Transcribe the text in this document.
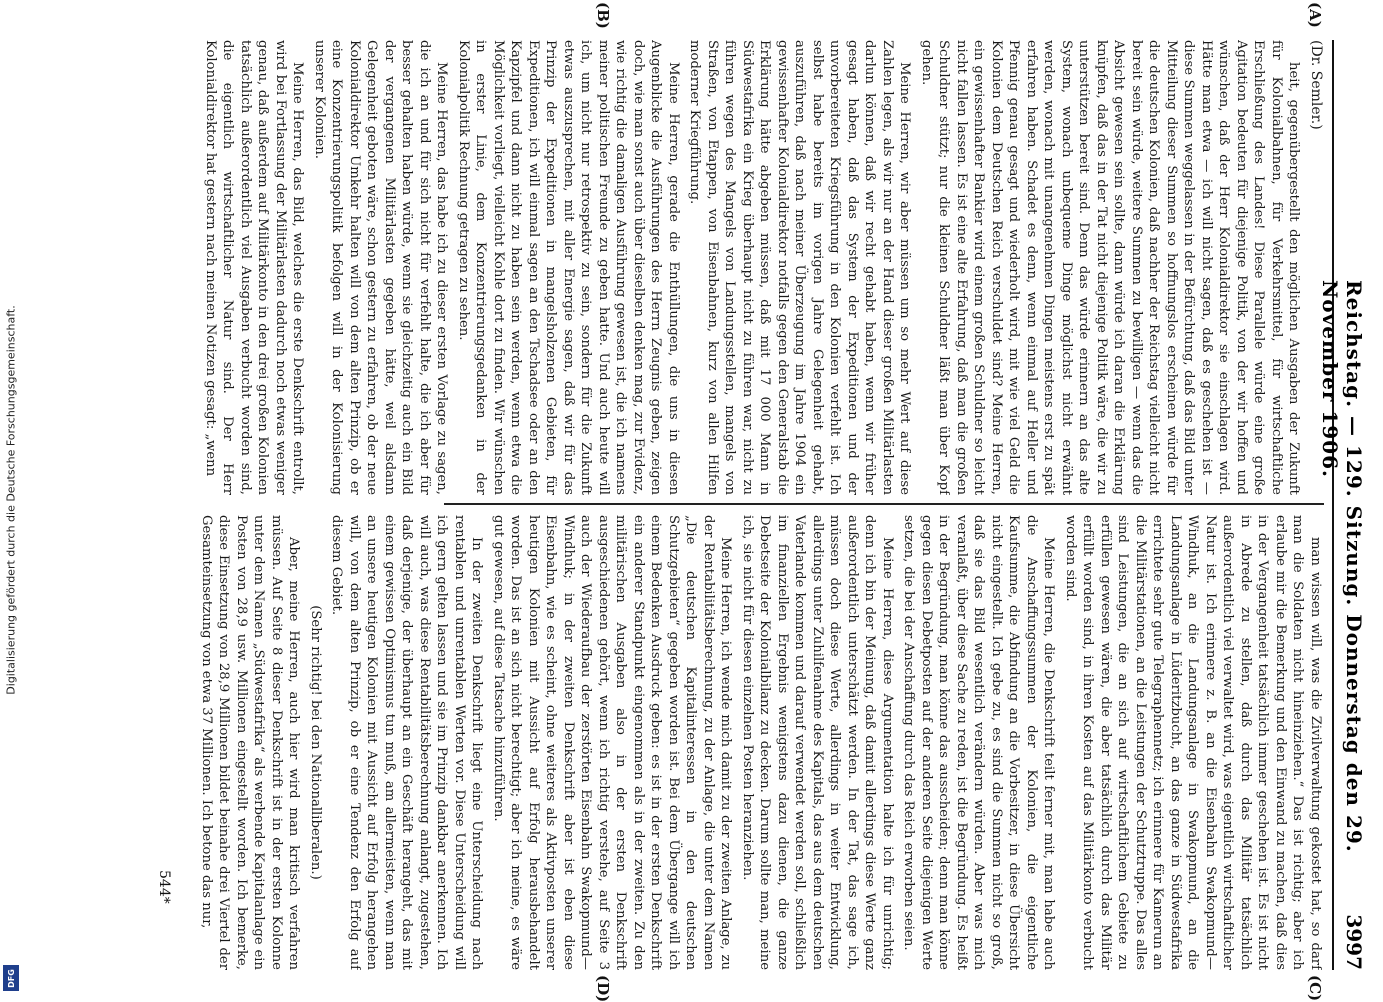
Digitalisierung gefördert durch die Deutsche Forschungsgemeinschaft.
DFG
Reichstag. — 129. Sitzung. Donnerstag den 29. November 1906.
3997
(A)
(B)
(C)
(D)
(Dr. Semler.)

heit, gegenübergestellt den möglichen Ausgaben der Zukunft für Kolonialbahnen, für Verkehrsmittel, für wirtschaftliche Erschließung des Landes! Diese Parallele würde eine große Agitation bedeuten für diejenige Politik, von der wir hoffen und wünschen, daß der Herr Kolonialdirektor sie einschlagen wird. Hätte man etwa — ich will nicht sagen, daß es geschehen ist — diese Summen weggelassen in der Befürchtung, daß das Bild unter Mitteilung dieser Summen so hoffnungslos erscheinen würde für die deutschen Kolonien, daß nachher der Reichstag vielleicht nicht bereit sein würde, weitere Summen zu bewilligen — wenn das die Absicht gewesen sein sollte, dann würde ich daran die Erklärung knüpfen, daß das in der Tat nicht diejenige Politik wäre, die wir zu unterstützen bereit sind. Denn das würde erinnern an das alte System, wonach unbequeme Dinge möglichst nicht erwähnt werden, wonach mit unangenehmen Dingen meistens erst zu spät erfahren haben. Schadet es denn, wenn einmal auf Heller und Pfennig genau gesagt und wiederholt wird, mit wie viel Geld die Kolonien dem Deutschen Reich verschuldet sind? Meine Herren, ein gewissenhafter Bankier wird einem großen Schuldner so leicht nicht fallen lassen. Es ist eine alte Erfahrung, daß man die großen Schuldner stützt; nur die kleinen Schuldner läßt man über Kopf gehen.

Meine Herren, wir aber müssen um so mehr Wert auf diese Zahlen legen, als wir nur an der Hand dieser großen Militärlasten darlun können, daß wir recht gehabt haben, wenn wir früher gesagt haben, daß das System der Expeditionen und der unvorbereiteten Kriegsführung in den Kolonien verfehlt ist. Ich selbst habe bereits im vorigen Jahre Gelegenheit gehabt, auszuführen, daß nach meiner Überzeugung im Jahre 1904 ein gewissenhafter Kolonialdirektor notfalls gegen den Generalstab die Erklärung hätte abgeben müssen, daß mit 17 000 Mann in Südwestafrika ein Krieg überhaupt nicht zu führen war, nicht zu führen wegen des Mangels von Landungsstellen, mangels von Straßen, von Etappen, von Eisenbahnen, kurz von allen Hilfen moderner Kriegführung.

Meine Herren, gerade die Enthüllungen, die uns in diesen Augenblicke die Ausführungen des Herrn Zeugnis geben, zeigen doch, wie man sonst auch über dieselben denken mag, zur Evidenz, wie richtig die damaligen Ausführung gewesen ist, die ich namens meiner politischen Freunde zu geben hatte. Und auch heute will ich, um nicht nur retrospektiv zu sein, sondern für die Zukunft etwas auszusprechen, mit aller Energie sagen, daß wir für das Prinzip der Expeditionen in mangelsholzenen Gebieten, für Expeditionen, ich will einmal sagen an den Tschadsee oder an den Kapzipfel und dann nicht zu haben sein werden, wenn etwa die Möglichkeit vorliegt, vielleicht Kohle dort zu finden. Wir wünschen in erster Linie, dem Konzentrierungsgedanken in der Kolonialpolitik Rechnung getragen zu sehen.

Meine Herren, das habe ich zu dieser ersten Vorlage zu sagen, die ich an und für sich nicht für verfehlt halte, die ich aber für besser gehalten haben würde, wenn sie gleichzeitig auch ein Bild der vergangenen Militärlasten gegeben hätte, weil alsdann Gelegenheit geboten wäre, schon gestern zu erfahren, ob der neue Kolonialdirektor Umkehr halten will von dem alten Prinzip, ob er eine Konzentrierungspolitik befolgen will in der Kolonisierung unserer Kolonien.

Meine Herren, das Bild, welches die erste Denkschrift entrollt, wird bei Fortlassung der Militärlasten dadurch noch etwas weniger genau, daß außerdem auf Militärkonto in den drei großen Kolonien tatsächlich außerordentlich viel Ausgaben verbucht worden sind, die eigentlich wirtschaftlicher Natur sind. Der Herr Kolonialdirektor hat gestern nach meinen Notizen gesagt: „wenn

man wissen will, was die Zivilverwaltung gekostet hat, so darf man die Soldaten nicht hineinziehen.“ Das ist richtig; aber ich erlaube mir die Bemerkung und den Einwand zu machen, daß dies in der Vergangenheit tatsächlich immer geschehen ist. Es ist nicht in Abrede zu stellen, daß durch das Militär tatsächlich außerordentlich viel verwaltet wird, was eigentlich wirtschaftlicher Natur ist. Ich erinnere z. B. an die Eisenbahn Swakopmund—Windhuk, an die Landungsanlage in Swakopmund, an die Landungsanlage in Lüderitzbucht, an das ganze in Südwestafrika errichtete sehr gute Telegraphennetz; ich erinnere für Kamerun an die Militärstationen, an die Leistungen der Schutztruppe. Das alles sind Leistungen, die an sich auf wirtschaftlichem Gebiete zu erfüllen gewesen wären, die aber tatsächlich durch das Militär erfüllt worden sind, in ihren Kosten auf das Militärkonto verbucht worden sind.

Meine Herren, die Denkschrift teilt ferner mit, man habe auch die Anschaffungssummen der Kolonien, die eigentliche Kaufsumme, die Abfindung an die Vorbesitzer, in diese Übersicht nicht eingestellt. Ich gebe zu, es sind die Summen nicht so groß, daß sie das Bild wesentlich verändern würden. Aber was mich veranlaßt, über diese Sache zu reden, ist die Begründung. Es heißt in der Begründung, man könne das ausscheiden; denn man könne gegen diesen Debetposten auf der anderen Seite diejenigen Werte setzen, die bei der Anschaffung durch das Reich erworben seien.

Meine Herren, diese Argumentation halte ich für unrichtig; denn ich bin der Meinung, daß damit allerdings diese Werte ganz außerordentlich unterschätzt werden. In der Tat, das sage ich, müssen doch diese Werte, allerdings in weiter Entwicklung, allerdings unter Zuhilfenahme des Kapitals, das aus dem deutschen Vaterlande kommen und darauf verwendet werden soll, schließlich im finanziellen Ergebnis wenigstens dazu dienen, die ganze Debetseite der Kolonialbilanz zu decken. Darum sollte man, meine ich, sie nicht für diesen einzelnen Posten heranziehen.

Meine Herren, ich wende mich damit zu der zweiten Anlage, zu der Rentabilitätsberechnung, zu der Anlage, die unter dem Namen „Die deutschen Kapitalinteressen in den deutschen Schutzgebieten“ gegeben worden ist. Bei dem Übergange will ich einem Bedenken Ausdruck geben: es ist in der ersten Denkschrift ein anderer Standpunkt eingenommen als in der zweiten. Zu den militärischen Ausgaben also in der ersten Denkschrift ausgeschiedenen gehört, wenn ich richtig verstehe, auf Seite 3 auch der Wiederaufbau der zerstörten Eisenbahn Swakopmund—Windhuk; in der zweiten Denkschrift aber ist eben diese Eisenbahn, wie es scheint, ohne weiteres als Aktivposten unserer heutigen Kolonien mit Aussicht auf Erfolg herausbehandelt worden. Das ist an sich nicht berechtigt; aber ich meine, es wäre gut gewesen, auf diese Tatsache hinzuführen.

In der zweiten Denkschrift liegt eine Unterscheidung nach rentablen und unrentablen Werten vor. Diese Unterscheidung will ich gern gelten lassen und sie im Prinzip dankbar anerkennen. Ich will auch, was diese Rentabilitätsberechnung anlangt, zugestehen, daß derjenige, der überhaupt an ein Geschäft herangeht, das mit einem gewissen Optimismus tun muß, am allermeisten, wenn man an unsere heutigen Kolonien mit Aussicht auf Erfolg herangehen will, von dem alten Prinzip, ob er eine Tendenz den Erfolg auf diesem Gebiet.

(Sehr richtig! bei den Nationalliberalen.)

Aber, meine Herren, auch hier wird man kritisch verfahren müssen. Auf Seite 8 dieser Denkschrift ist in der ersten Kolonne unter dem Namen „Südwestafrika“ als werbende Kapitalanlage ein Posten von 28,9 usw. Millionen eingestellt worden. Ich bemerke, diese Einsetzung von 28,9 Millionen bildet beinahe drei Viertel der Gesamteinsetzung von etwa 37 Millionen. Ich betone das nur,

544*
